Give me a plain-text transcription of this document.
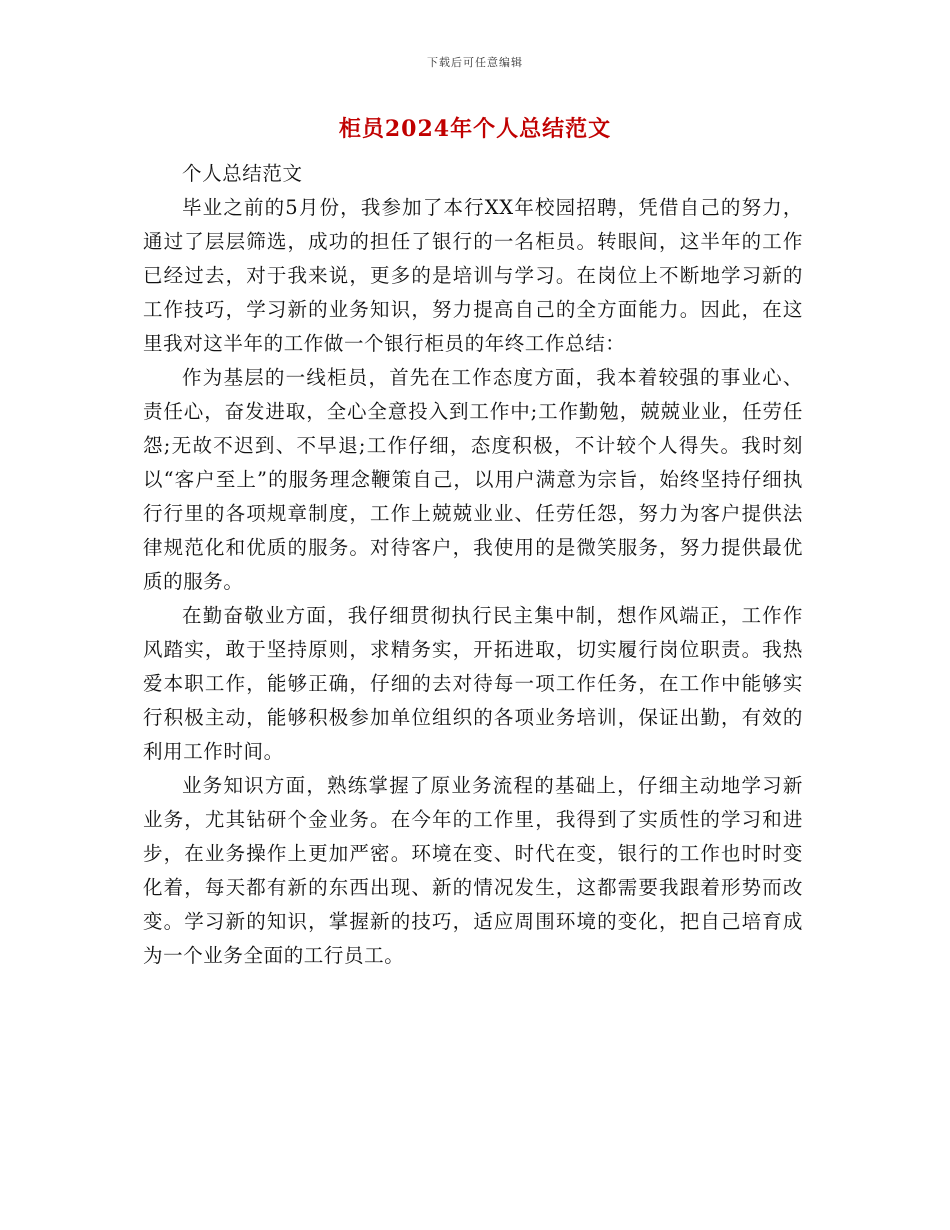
下载后可任意编辑
柜员2024年个人总结范文

个人总结范文

毕业之前的5月份，我参加了本行XX年校园招聘，凭借自己的努力，通过了层层筛选，成功的担任了银行的一名柜员。转眼间，这半年的工作已经过去，对于我来说，更多的是培训与学习。在岗位上不断地学习新的工作技巧，学习新的业务知识，努力提高自己的全方面能力。因此，在这里我对这半年的工作做一个银行柜员的年终工作总结：

作为基层的一线柜员，首先在工作态度方面，我本着较强的事业心、责任心，奋发进取，全心全意投入到工作中;工作勤勉，兢兢业业，任劳任怨;无故不迟到、不早退;工作仔细，态度积极，不计较个人得失。我时刻以“客户至上”的服务理念鞭策自己，以用户满意为宗旨，始终坚持仔细执行行里的各项规章制度，工作上兢兢业业、任劳任怨，努力为客户提供法律规范化和优质的服务。对待客户，我使用的是微笑服务，努力提供最优质的服务。

在勤奋敬业方面，我仔细贯彻执行民主集中制，想作风端正，工作作风踏实，敢于坚持原则，求精务实，开拓进取，切实履行岗位职责。我热爱本职工作，能够正确，仔细的去对待每一项工作任务，在工作中能够实行积极主动，能够积极参加单位组织的各项业务培训，保证出勤，有效的利用工作时间。

业务知识方面，熟练掌握了原业务流程的基础上，仔细主动地学习新业务，尤其钻研个金业务。在今年的工作里，我得到了实质性的学习和进步，在业务操作上更加严密。环境在变、时代在变，银行的工作也时时变化着，每天都有新的东西出现、新的情况发生，这都需要我跟着形势而改变。学习新的知识，掌握新的技巧，适应周围环境的变化，把自己培育成为一个业务全面的工行员工。
